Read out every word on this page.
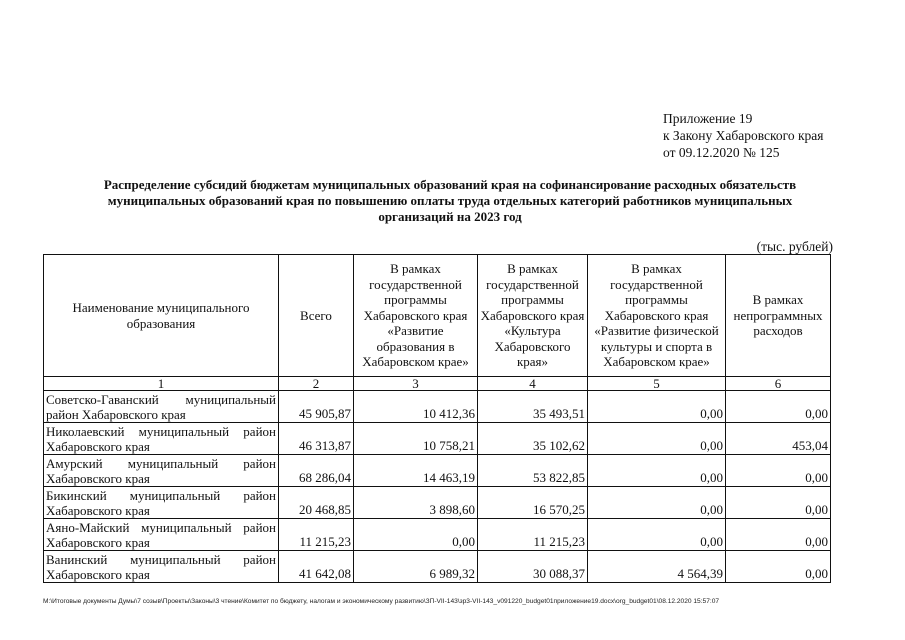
Приложение 19
к Закону Хабаровского края
от 09.12.2020 № 125
Распределение субсидий бюджетам муниципальных образований края на софинансирование расходных обязательств
муниципальных образований края по повышению оплаты труда отдельных категорий работников муниципальных
организаций на 2023 год
(тыс. рублей)
Наименование муниципального образования	Всего	В рамках государственной программы Хабаровского края «Развитие образования в Хабаровском крае»	В рамках государственной программы Хабаровского края «Культура Хабаровского края»	В рамках государственной программы Хабаровского края «Развитие физической культуры и спорта в Хабаровском крае»	В рамках непрограммных расходов
1	2	3	4	5	6
Советско-Гаванский муниципальный район Хабаровского края	45 905,87	10 412,36	35 493,51	0,00	0,00
Николаевский муниципальный район Хабаровского края	46 313,87	10 758,21	35 102,62	0,00	453,04
Амурский муниципальный район Хабаровского края	68 286,04	14 463,19	53 822,85	0,00	0,00
Бикинский муниципальный район Хабаровского края	20 468,85	3 898,60	16 570,25	0,00	0,00
Аяно-Майский муниципальный район Хабаровского края	11 215,23	0,00	11 215,23	0,00	0,00
Ванинский муниципальный район Хабаровского края	41 642,08	6 989,32	30 088,37	4 564,39	0,00
М:\Итоговые документы Думы\7 созыв\Проекты\Законы\3 чтение\Комитет по бюджету, налогам и экономическому развитию\ЗП-VII-143\зр3-VII-143_v091220_budget01приложение19.docx\org_budget01\08.12.2020 15:57:07
